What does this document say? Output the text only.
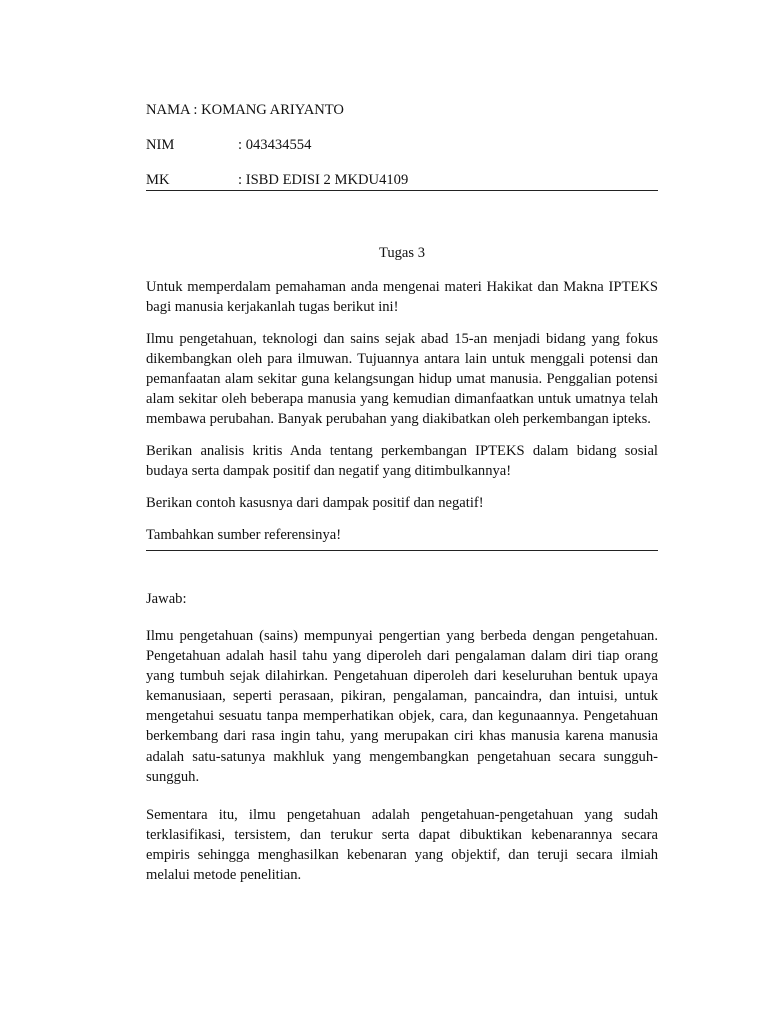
NAMA : KOMANG ARIYANTO
NIM	: 043434554
MK	: ISBD EDISI 2 MKDU4109
Tugas 3

Untuk memperdalam pemahaman anda mengenai materi Hakikat dan Makna IPTEKS bagi manusia kerjakanlah tugas berikut ini!

Ilmu pengetahuan, teknologi dan sains sejak abad 15-an menjadi bidang yang fokus dikembangkan oleh para ilmuwan. Tujuannya antara lain untuk menggali potensi dan pemanfaatan alam sekitar guna kelangsungan hidup umat manusia. Penggalian potensi alam sekitar oleh beberapa manusia yang kemudian dimanfaatkan untuk umatnya telah membawa perubahan. Banyak perubahan yang diakibatkan oleh perkembangan ipteks.

Berikan analisis kritis Anda tentang perkembangan IPTEKS dalam bidang sosial budaya serta dampak positif dan negatif yang ditimbulkannya!

Berikan contoh kasusnya dari dampak positif dan negatif!

Tambahkan sumber referensinya!

Jawab:
Ilmu pengetahuan (sains) mempunyai pengertian yang berbeda dengan pengetahuan. Pengetahuan adalah hasil tahu yang diperoleh dari pengalaman dalam diri tiap orang yang tumbuh sejak dilahirkan. Pengetahuan diperoleh dari keseluruhan bentuk upaya kemanusiaan, seperti perasaan, pikiran, pengalaman, pancaindra, dan intuisi, untuk mengetahui sesuatu tanpa memperhatikan objek, cara, dan kegunaannya. Pengetahuan berkembang dari rasa ingin tahu, yang merupakan ciri khas manusia karena manusia adalah satu-satunya makhluk yang mengembangkan pengetahuan secara sungguh-sungguh.
Sementara itu, ilmu pengetahuan adalah pengetahuan-pengetahuan yang sudah terklasifikasi, tersistem, dan terukur serta dapat dibuktikan kebenarannya secara empiris sehingga menghasilkan kebenaran yang objektif, dan teruji secara ilmiah melalui metode penelitian.
